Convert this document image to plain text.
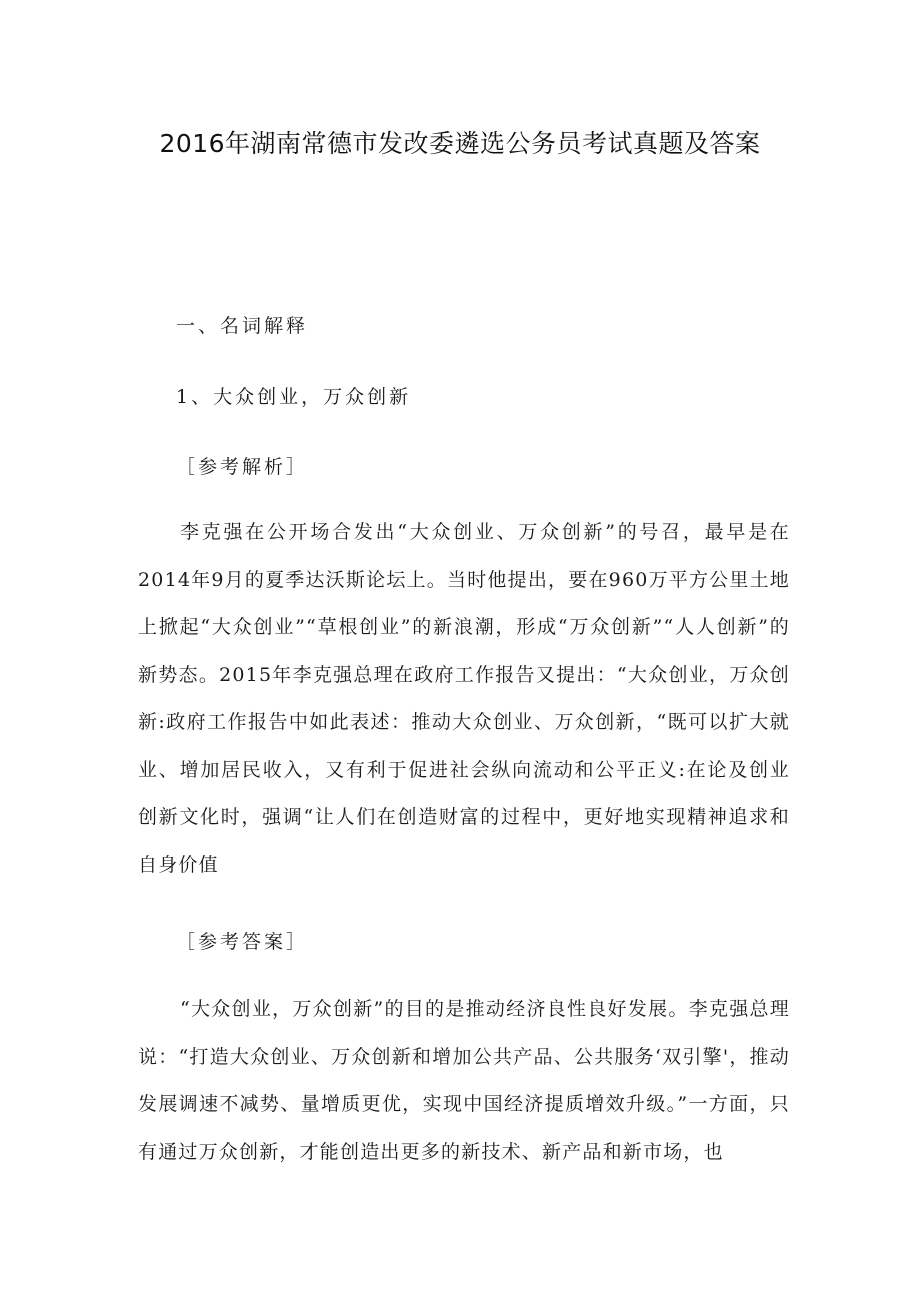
2016年湖南常德市发改委遴选公务员考试真题及答案

一、名词解释

1、大众创业，万众创新

［参考解析］

李克强在公开场合发出“大众创业、万众创新”的号召，最早是在2014年9月的夏季达沃斯论坛上。当时他提出，要在960万平方公里土地上掀起“大众创业”“草根创业”的新浪潮，形成“万众创新”“人人创新”的新势态。2015年李克强总理在政府工作报告又提出：“大众创业，万众创新:政府工作报告中如此表述：推动大众创业、万众创新，“既可以扩大就业、增加居民收入，又有利于促进社会纵向流动和公平正义:在论及创业创新文化时，强调“让人们在创造财富的过程中，更好地实现精神追求和自身价值

［参考答案］

“大众创业，万众创新”的目的是推动经济良性良好发展。李克强总理说：“打造大众创业、万众创新和增加公共产品、公共服务‘双引擎'，推动发展调速不减势、量增质更优，实现中国经济提质增效升级。”一方面，只有通过万众创新，才能创造出更多的新技术、新产品和新市场，也
